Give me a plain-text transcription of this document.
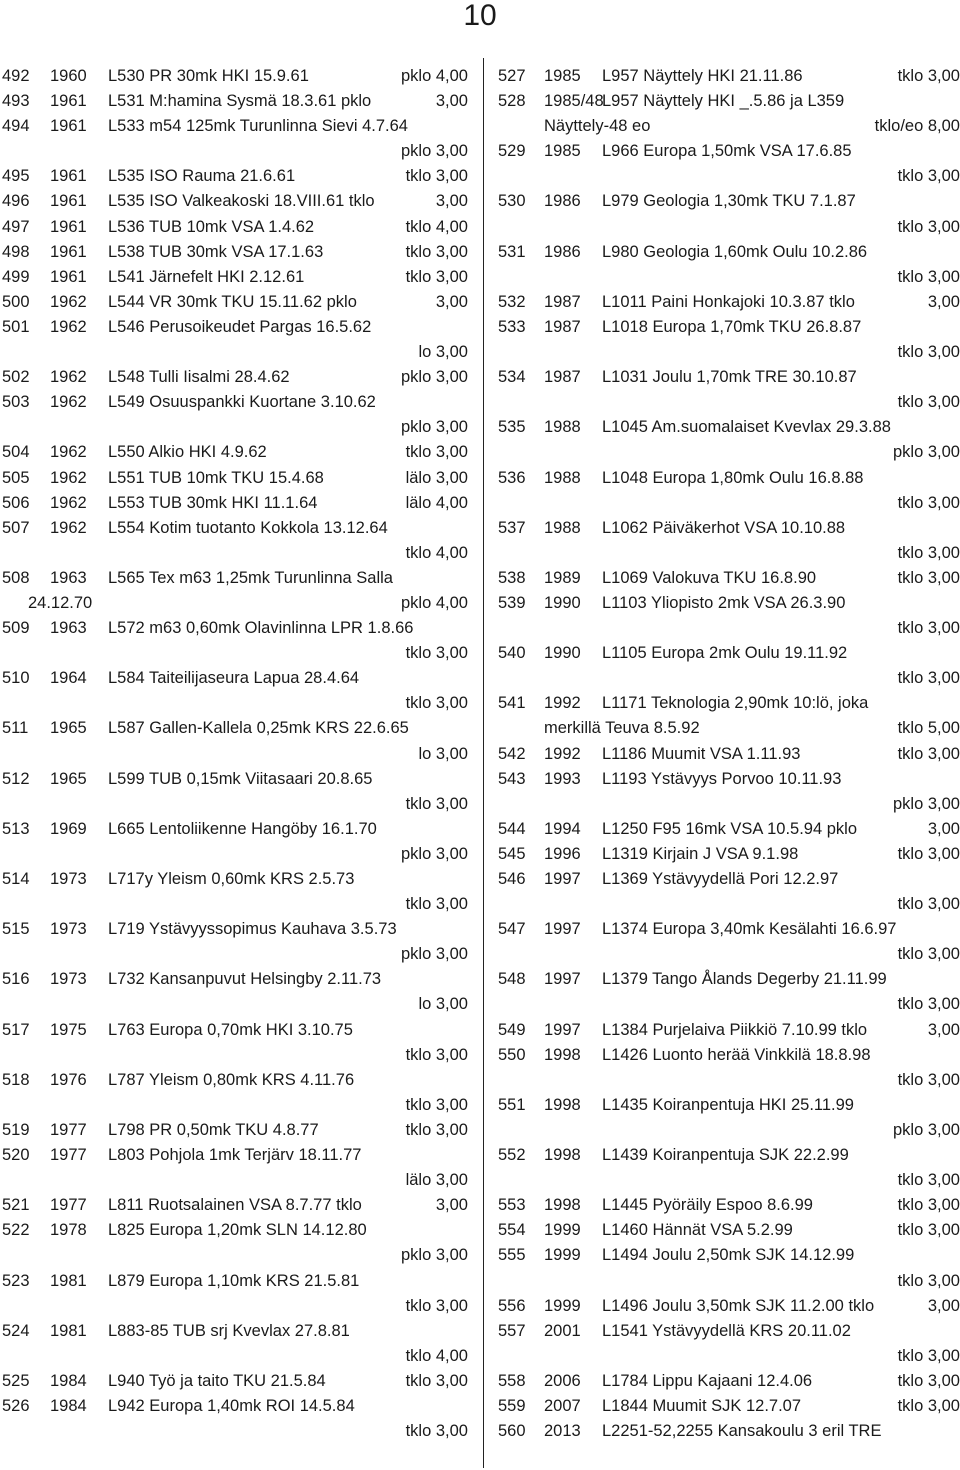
10
492 1960 L530 PR 30mk HKI 15.9.61	pklo 4,00
493 1961 L531 M:hamina Sysmä 18.3.61 pklo	3,00
494 1961 L533 m54 125mk Turunlinna Sievi 4.7.64
pklo 3,00
495 1961 L535 ISO Rauma 21.6.61	tklo 3,00
496 1961 L535 ISO Valkeakoski 18.VIII.61 tklo	3,00
497 1961 L536 TUB 10mk VSA 1.4.62	tklo 4,00
498 1961 L538 TUB 30mk VSA 17.1.63	tklo 3,00
499 1961 L541 Järnefelt HKI 2.12.61	tklo 3,00
500 1962 L544 VR 30mk TKU 15.11.62 pklo	3,00
501 1962 L546 Perusoikeudet Pargas 16.5.62
lo 3,00
502 1962 L548 Tulli Iisalmi 28.4.62	pklo 3,00
503 1962 L549 Osuuspankki Kuortane 3.10.62
pklo 3,00
504 1962 L550 Alkio HKI 4.9.62	tklo 3,00
505 1962 L551 TUB 10mk TKU 15.4.68	lälo 3,00
506 1962 L553 TUB 30mk HKI 11.1.64	lälo 4,00
507 1962 L554 Kotim tuotanto Kokkola 13.12.64
tklo 4,00
508 1963 L565 Tex m63 1,25mk Turunlinna Salla
24.12.70	pklo 4,00
509 1963 L572 m63 0,60mk Olavinlinna LPR 1.8.66
tklo 3,00
510 1964 L584 Taiteilijaseura Lapua 28.4.64
tklo 3,00
511 1965 L587 Gallen-Kallela 0,25mk KRS 22.6.65
lo 3,00
512 1965 L599 TUB 0,15mk Viitasaari 20.8.65
tklo 3,00
513 1969 L665 Lentoliikenne Hangöby 16.1.70
pklo 3,00
514 1973 L717y Yleism 0,60mk KRS 2.5.73
tklo 3,00
515 1973 L719 Ystävyyssopimus Kauhava 3.5.73
pklo 3,00
516 1973 L732 Kansanpuvut Helsingby 2.11.73
lo 3,00
517 1975 L763 Europa 0,70mk HKI 3.10.75
tklo 3,00
518 1976 L787 Yleism 0,80mk KRS 4.11.76
tklo 3,00
519 1977 L798 PR 0,50mk TKU 4.8.77	tklo 3,00
520 1977 L803 Pohjola 1mk Terjärv 18.11.77
lälo 3,00
521 1977 L811 Ruotsalainen VSA 8.7.77 tklo	3,00
522 1978 L825 Europa 1,20mk SLN 14.12.80
pklo 3,00
523 1981 L879 Europa 1,10mk KRS 21.5.81
tklo 3,00
524 1981 L883-85 TUB srj Kvevlax 27.8.81
tklo 4,00
525 1984 L940 Työ ja taito TKU 21.5.84	tklo 3,00
526 1984 L942 Europa 1,40mk ROI 14.5.84
tklo 3,00
527 1985 L957 Näyttely HKI 21.11.86	tklo 3,00
528 1985/48
L957 Näyttely HKI _.5.86 ja L359
Näyttely-48 eo	tklo/eo 8,00
529 1985 L966 Europa 1,50mk VSA 17.6.85
tklo 3,00
530 1986 L979 Geologia 1,30mk TKU 7.1.87
tklo 3,00
531 1986 L980 Geologia 1,60mk Oulu 10.2.86
tklo 3,00
532 1987 L1011 Paini Honkajoki 10.3.87 tklo	3,00
533 1987 L1018 Europa 1,70mk TKU 26.8.87
tklo 3,00
534 1987 L1031 Joulu 1,70mk TRE 30.10.87
tklo 3,00
535 1988 L1045 Am.suomalaiset Kvevlax 29.3.88
pklo 3,00
536 1988 L1048 Europa 1,80mk Oulu 16.8.88
tklo 3,00
537 1988 L1062 Päiväkerhot VSA 10.10.88
tklo 3,00
538 1989 L1069 Valokuva TKU 16.8.90	tklo 3,00
539 1990 L1103 Yliopisto 2mk VSA 26.3.90
tklo 3,00
540 1990 L1105 Europa 2mk Oulu 19.11.92
tklo 3,00
541 1992 L1171 Teknologia 2,90mk 10:lö, joka
merkillä Teuva 8.5.92	tklo 5,00
542 1992 L1186 Muumit VSA 1.11.93	tklo 3,00
543 1993 L1193 Ystävyys Porvoo 10.11.93
pklo 3,00
544 1994 L1250 F95 16mk VSA 10.5.94 pklo	3,00
545 1996 L1319 Kirjain J VSA 9.1.98	tklo 3,00
546 1997 L1369 Ystävyydellä Pori 12.2.97
tklo 3,00
547 1997 L1374 Europa 3,40mk Kesälahti 16.6.97
tklo 3,00
548 1997 L1379 Tango Ålands Degerby 21.11.99
tklo 3,00
549 1997 L1384 Purjelaiva Piikkiö 7.10.99 tklo	3,00
550 1998 L1426 Luonto herää Vinkkilä 18.8.98
tklo 3,00
551 1998 L1435 Koiranpentuja HKI 25.11.99
pklo 3,00
552 1998 L1439 Koiranpentuja SJK 22.2.99
tklo 3,00
553 1998 L1445 Pyöräily Espoo 8.6.99	tklo 3,00
554 1999 L1460 Hännät VSA 5.2.99	tklo 3,00
555 1999 L1494 Joulu 2,50mk SJK 14.12.99
tklo 3,00
556 1999 L1496 Joulu 3,50mk SJK 11.2.00 tklo	3,00
557 2001 L1541 Ystävyydellä KRS 20.11.02
tklo 3,00
558 2006 L1784 Lippu Kajaani 12.4.06	tklo 3,00
559 2007 L1844 Muumit SJK 12.7.07	tklo 3,00
560 2013 L2251-52,2255 Kansakoulu 3 eril TRE
